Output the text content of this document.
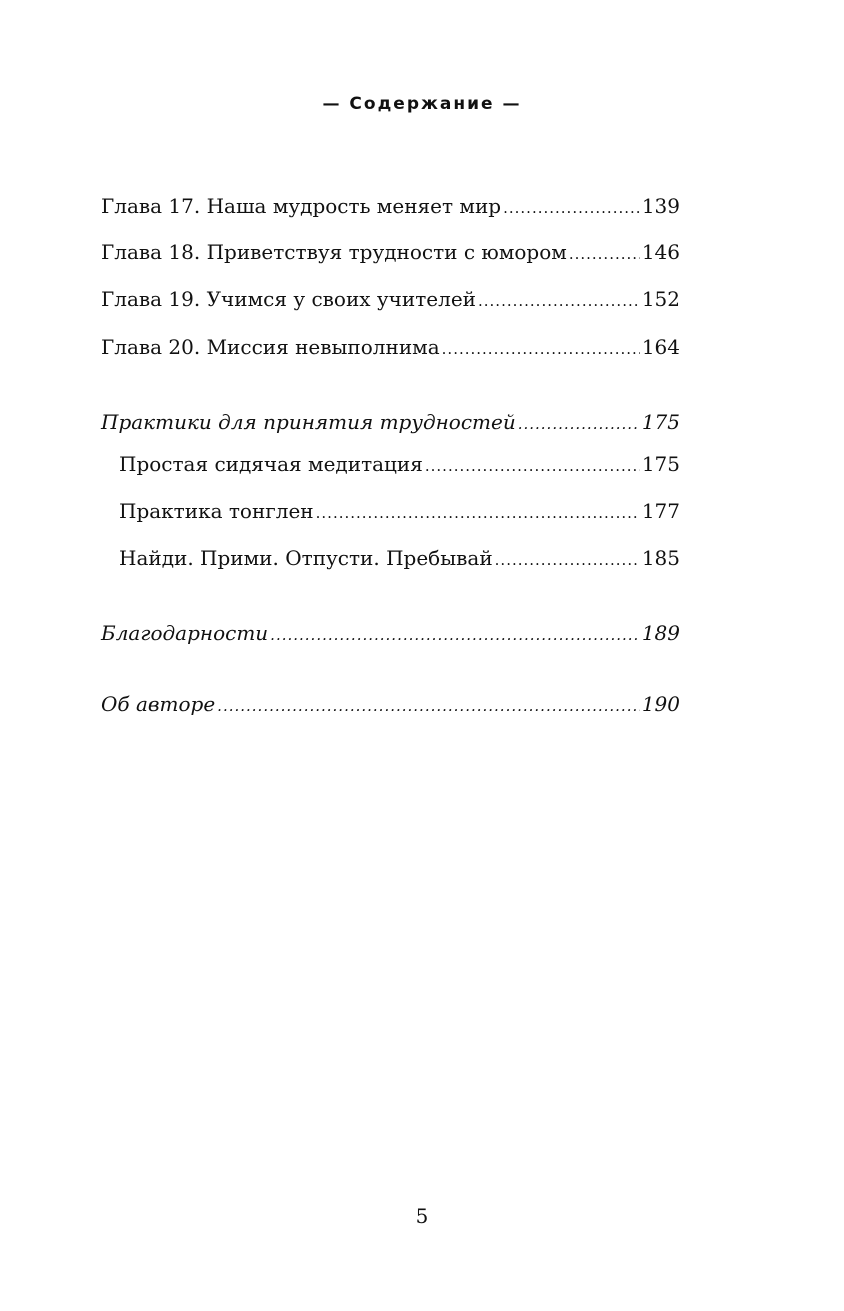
— Содержание —
Глава 17. Наша мудрость меняет мир .....	139
Глава 18. Приветствуя трудности с юмором .....	146
Глава 19. Учимся у своих учителей .....	152
Глава 20. Миссия невыполнима .....	164
Практики для принятия трудностей .....	175
Простая сидячая медитация .....	175
Практика тонглен .....	177
Найди. Прими. Отпусти. Пребывай .....	185
Благодарности .....	189
Об авторе .....	190
5
